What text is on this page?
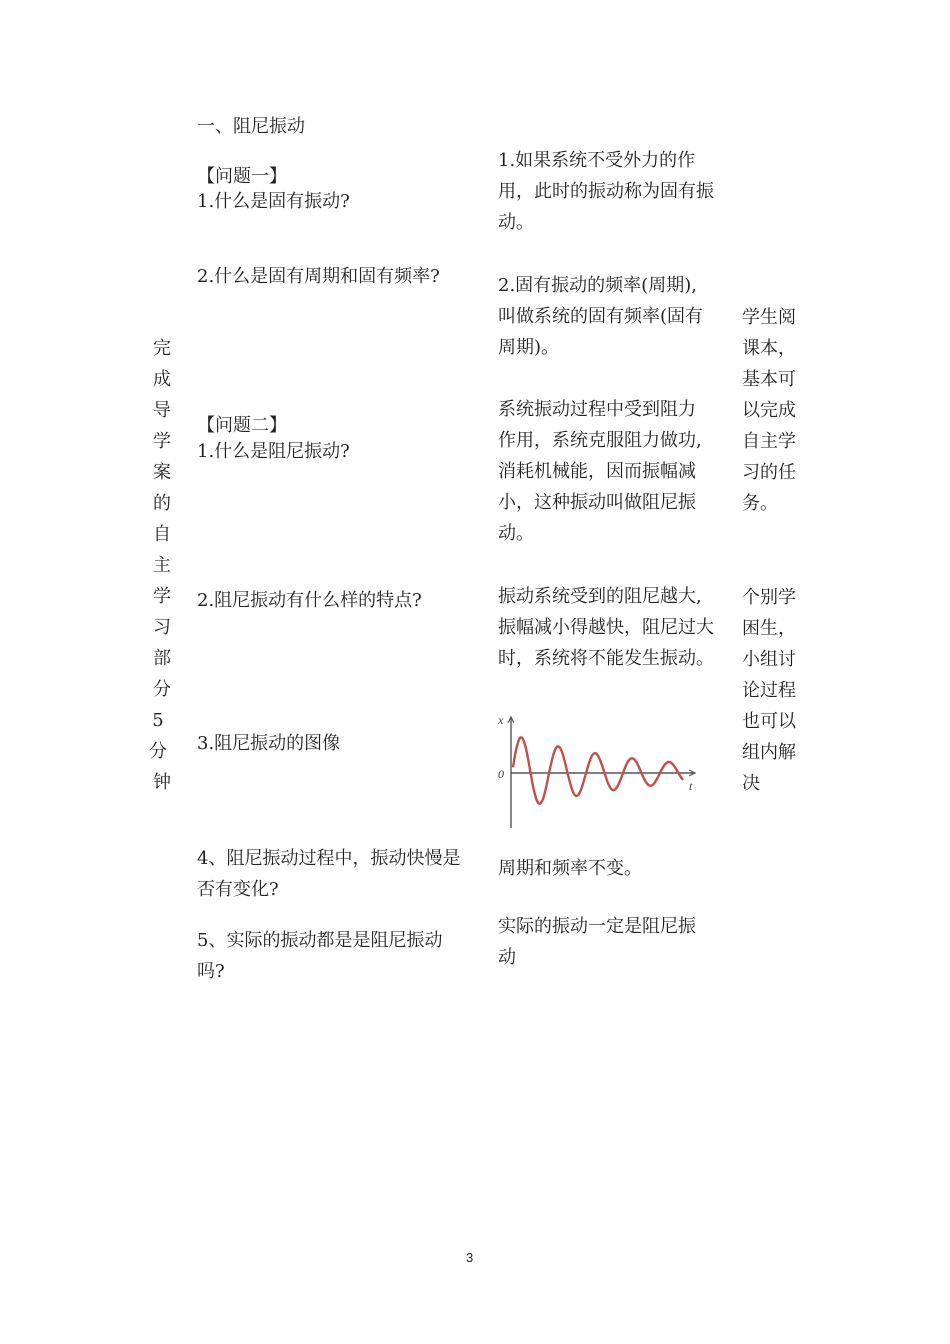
完
成
导
学
案
的
自
主
学
习
部
分
5 分
钟
一、阻尼振动
【问题一】
1.什么是固有振动?
2.什么是固有周期和固有频率?
【问题二】
1.什么是阻尼振动?
2.阻尼振动有什么样的特点?
3.阻尼振动的图像
4、阻尼振动过程中，振动快慢是
否有变化?
5、实际的振动都是是阻尼振动
吗?
1.如果系统不受外力的作
用，此时的振动称为固有振
动。
2.固有振动的频率(周期),
叫做系统的固有频率(固有
周期)。
系统振动过程中受到阻力
作用，系统克服阻力做功,
消耗机械能，因而振幅减
小，这种振动叫做阻尼振
动。
振动系统受到的阻尼越大,
振幅减小得越快，阻尼过大
时，系统将不能发生振动。
x
t
0
周期和频率不变。
实际的振动一定是阻尼振
动
学生阅
课本，
基本可
以完成
自主学
习的任
务。
个别学
困生，
小组讨
论过程
也可以
组内解
决
3
